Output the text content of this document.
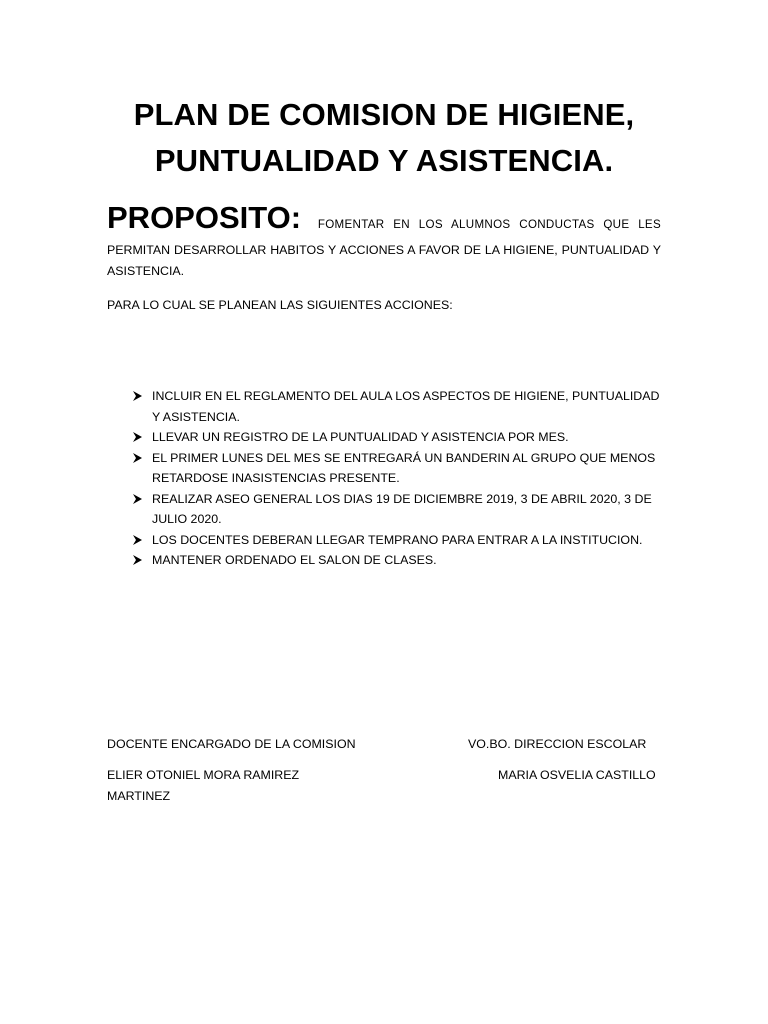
PLAN DE COMISION DE HIGIENE,
PUNTUALIDAD Y ASISTENCIA.
PROPOSITO: FOMENTAR EN LOS ALUMNOS CONDUCTAS QUE LES
PERMITAN DESARROLLAR HABITOS Y ACCIONES A FAVOR DE LA HIGIENE, PUNTUALIDAD Y ASISTENCIA.
PARA LO CUAL SE PLANEAN LAS SIGUIENTES ACCIONES:
INCLUIR EN EL REGLAMENTO DEL AULA LOS ASPECTOS DE HIGIENE, PUNTUALIDAD Y ASISTENCIA.
LLEVAR UN REGISTRO DE LA PUNTUALIDAD Y ASISTENCIA POR MES.
EL PRIMER LUNES DEL MES SE ENTREGARÁ UN BANDERIN AL GRUPO QUE MENOS RETARDOSE INASISTENCIAS PRESENTE.
REALIZAR ASEO GENERAL LOS DIAS 19 DE DICIEMBRE 2019, 3 DE ABRIL 2020, 3 DE JULIO 2020.
LOS DOCENTES DEBERAN LLEGAR TEMPRANO PARA ENTRAR A LA INSTITUCION.
MANTENER ORDENADO EL SALON DE CLASES.
DOCENTE ENCARGADO DE LA COMISION	VO.BO. DIRECCION ESCOLAR
ELIER OTONIEL MORA RAMIREZ MARTINEZ
MARIA OSVELIA CASTILLO
